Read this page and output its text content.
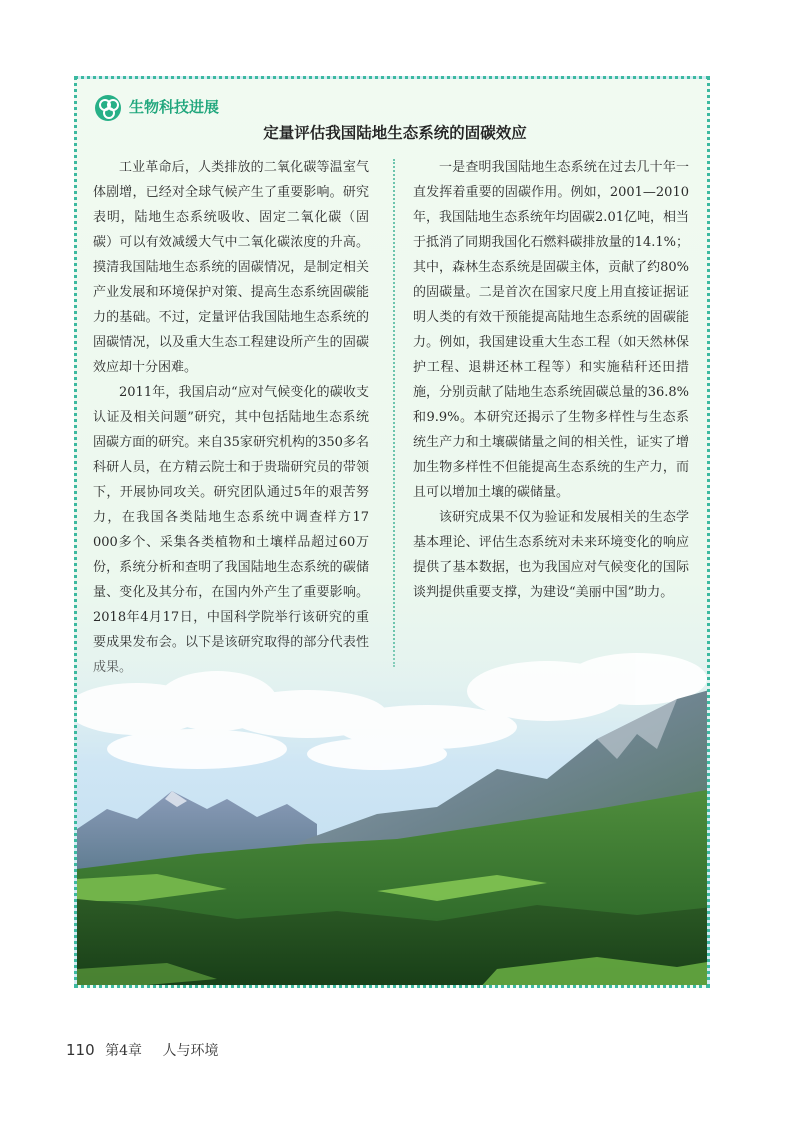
生物科技进展
定量评估我国陆地生态系统的固碳效应

工业革命后，人类排放的二氧化碳等温室气体剧增，已经对全球气候产生了重要影响。研究表明，陆地生态系统吸收、固定二氧化碳（固碳）可以有效减缓大气中二氧化碳浓度的升高。摸清我国陆地生态系统的固碳情况，是制定相关产业发展和环境保护对策、提高生态系统固碳能力的基础。不过，定量评估我国陆地生态系统的固碳情况，以及重大生态工程建设所产生的固碳效应却十分困难。

2011年，我国启动“应对气候变化的碳收支认证及相关问题”研究，其中包括陆地生态系统固碳方面的研究。来自35家研究机构的350多名科研人员，在方精云院士和于贵瑞研究员的带领下，开展协同攻关。研究团队通过5年的艰苦努力，在我国各类陆地生态系统中调查样方17 000多个、采集各类植物和土壤样品超过60万份，系统分析和查明了我国陆地生态系统的碳储量、变化及其分布，在国内外产生了重要影响。2018年4月17日，中国科学院举行该研究的重

一是查明我国陆地生态系统在过去几十年一直发挥着重要的固碳作用。例如，2001—2010年，我国陆地生态系统年均固碳2.01亿吨，相当于抵消了同期我国化石燃料碳排放量的14.1%；其中，森林生态系统是固碳主体，贡献了约80%的固碳量。二是首次在国家尺度上用直接证据证明人类的有效干预能提高陆地生态系统的固碳能力。例如，我国建设重大生态工程（如天然林保护工程、退耕还林工程等）和实施秸秆还田措施，分别贡献了陆地生态系统固碳总量的36.8%和9.9%。本研究还揭示了生物多样性与生态系统生产力和土壤碳储量之间的相关性，证实了增加生物多样性不但能提高生态系统的生产力，而且可以增加土壤的碳储量。

该研究成果不仅为验证和发展相关的生态学基本理论、评估生态系统对未来环境变化的响应提供了基本数据，也为我国应对气候变化的国际谈判提供重要支撑，为建设“美丽中国”助力。

110 第4章 人与环境
